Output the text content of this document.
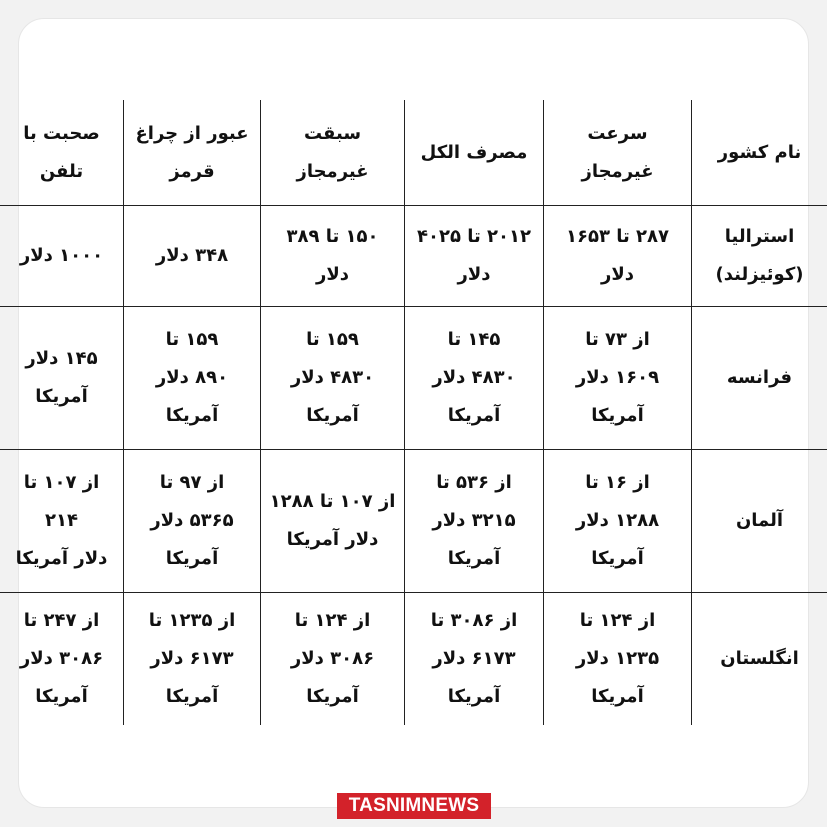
نام کشور
سرعت غیرمجاز
مصرف الکل
سبقت غیرمجاز
عبور از چراغ
قرمز
صحبت با
تلفن
استرالیا
(کوئیزلند)
۲۸۷ تا ۱۶۵۳
دلار
۲۰۱۲ تا ۴۰۲۵
دلار
۱۵۰ تا ۳۸۹ دلار
۳۴۸ دلار
۱۰۰۰ دلار
فرانسه
از ۷۳ تا
۱۶۰۹ دلار
آمریکا
۱۴۵ تا
۴۸۳۰ دلار
آمریکا
۱۵۹ تا
۴۸۳۰ دلار
آمریکا
۱۵۹ تا
۸۹۰ دلار
آمریکا
۱۴۵ دلار
آمریکا
آلمان
از ۱۶ تا
۱۲۸۸ دلار
آمریکا
از ۵۳۶ تا
۳۲۱۵ دلار
آمریکا
از ۱۰۷ تا ۱۲۸۸
دلار آمریکا
از ۹۷ تا
۵۳۶۵ دلار
آمریکا
از ۱۰۷ تا ۲۱۴
دلار آمریکا
انگلستان
از ۱۲۴ تا
۱۲۳۵ دلار
آمریکا
از ۳۰۸۶ تا
۶۱۷۳ دلار
آمریکا
از ۱۲۴ تا
۳۰۸۶ دلار
آمریکا
از ۱۲۳۵ تا
۶۱۷۳ دلار
آمریکا
از ۲۴۷ تا
۳۰۸۶ دلار
آمریکا
TASNIMNEWS
